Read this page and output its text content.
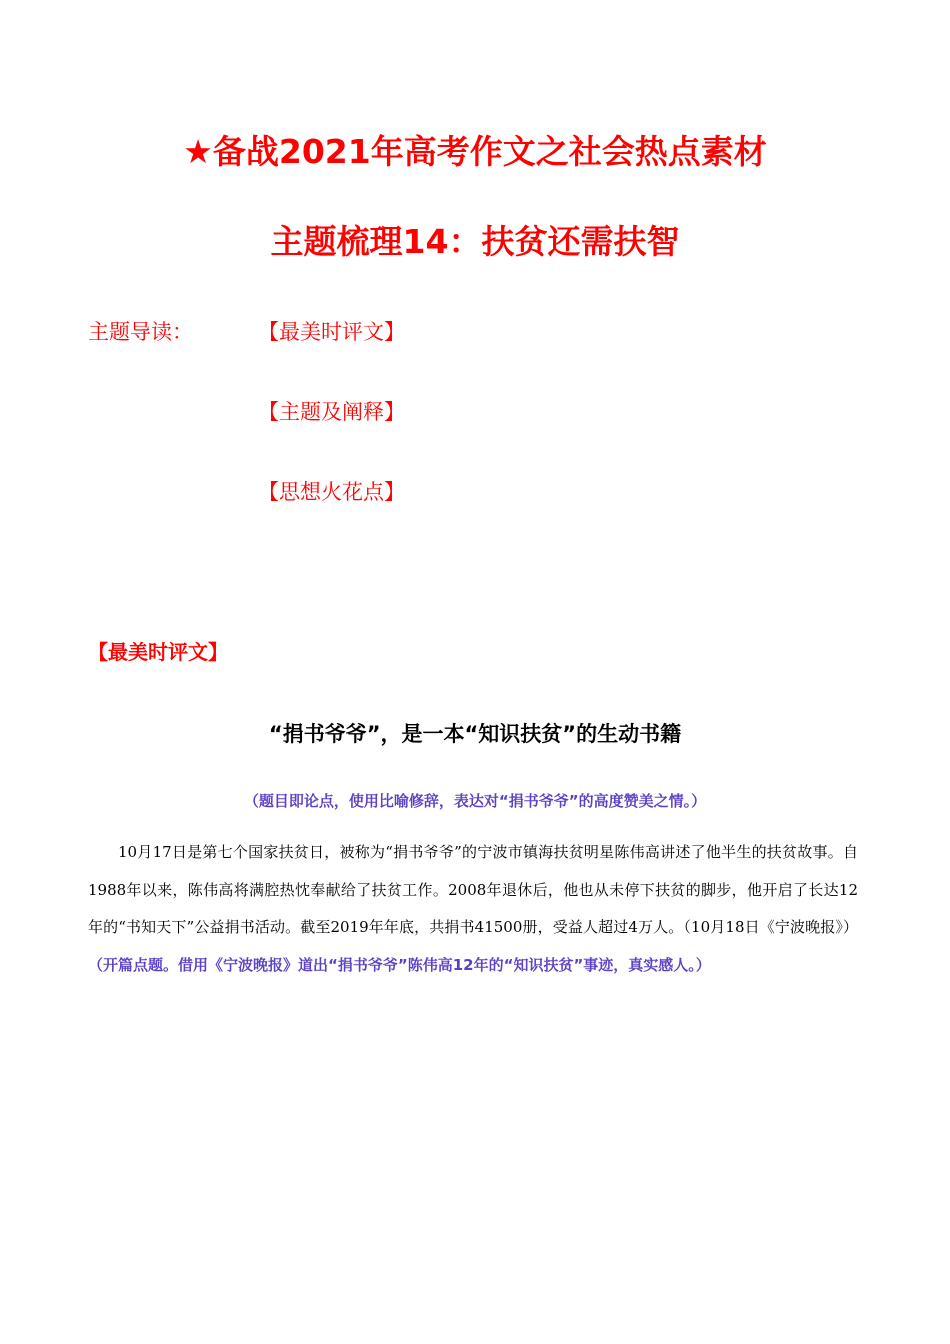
★备战2021年高考作文之社会热点素材
主题梳理14：扶贫还需扶智
主题导读：	【最美时评文】

【主题及阐释】

【思想火花点】

【最美时评文】
“捐书爷爷”，是一本“知识扶贫”的生动书籍

（题目即论点，使用比喻修辞，表达对“捐书爷爷”的高度赞美之情。）

10月17日是第七个国家扶贫日，被称为“捐书爷爷”的宁波市镇海扶贫明星陈伟高讲述了他半生的扶贫故事。自1988年以来，陈伟高将满腔热忱奉献给了扶贫工作。2008年退休后，他也从未停下扶贫的脚步，他开启了长达12年的“书知天下”公益捐书活动。截至2019年年底，共捐书41500册，受益人超过4万人。（10月18日《宁波晚报》）（开篇点题。借用《宁波晚报》道出“捐书爷爷”陈伟高12年的“知识扶贫”事迹，真实感人。）
